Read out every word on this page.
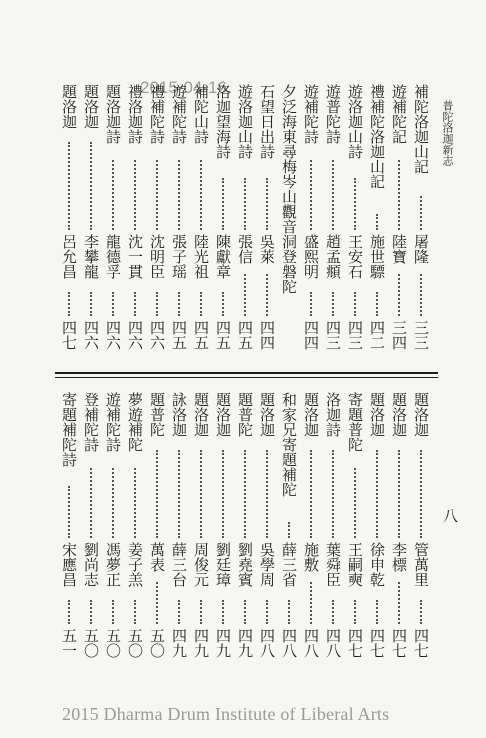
普陀洛迦新志
八
2015-04-16	補陀洛迦山記
屠隆
三三
遊補陀記
陸寶
三四
禮補陀洛迦山記
施世驃
四二
遊洛迦山詩
王安石
四三
遊普陀詩
趙孟頫
四三
遊補陀詩
盛熙明
四四
夕泛海東尋梅岑山觀音洞登磐陀
石望日出詩
吳萊
四四
遊洛迦山詩
張信
四五
洛迦望海詩
陳獻章
四五
補陀山詩
陸光祖
四五
遊補陀詩
張子瑶
四五
禮補陀詩
沈明臣
四六
禮洛迦詩
沈一貫
四六
題洛迦詩
龍德孚
四六
題洛迦
李攀龍
四六
題洛迦
呂允昌
四七
題洛迦
管萬里
四七
題洛迦
李標
四七
題洛迦
徐申乾
四七
寄題普陀
王嗣奭
四七
洛迦詩
葉舜臣
四八
題洛迦
施敷
四八
和家兄寄題補陀
薛三省
四八
題洛迦
吳學周
四八
題普陀
劉堯賓
四九
題洛迦
劉廷璋
四九
題洛迦
周俊元
四九
詠洛迦
薛三台
四九
題普陀
萬表
五〇
夢遊補陀
姜子羔
五〇
遊補陀詩
馮夢正
五〇
登補陀詩
劉尚志
五〇
寄題補陀詩
宋應昌
五一
2015 Dharma Drum Institute of Liberal Arts
